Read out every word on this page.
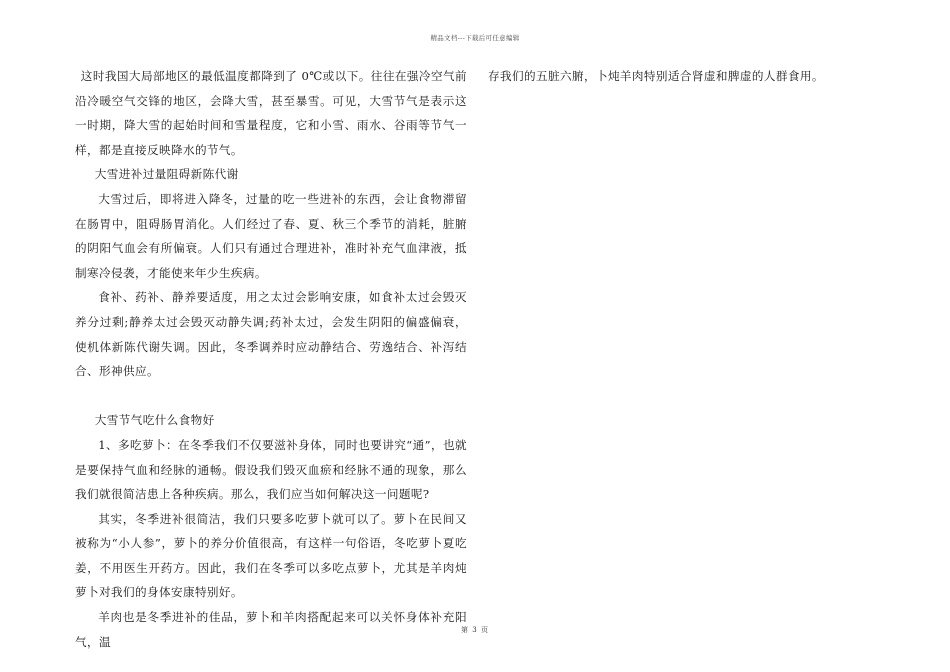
精品文档---下载后可任意编辑

这时我国大局部地区的最低温度都降到了 0℃或以下。往往在强冷空气前沿冷暖空气交锋的地区，会降大雪，甚至暴雪。可见，大雪节气是表示这一时期，降大雪的起始时间和雪量程度，它和小雪、雨水、谷雨等节气一样，都是直接反映降水的节气。

大雪进补过量阻碍新陈代谢

大雪过后，即将进入降冬，过量的吃一些进补的东西，会让食物滞留在肠胃中，阻碍肠胃消化。人们经过了春、夏、秋三个季节的消耗，脏腑的阴阳气血会有所偏衰。人们只有通过合理进补，准时补充气血津液，抵制寒冷侵袭，才能使来年少生疾病。

食补、药补、静养要适度，用之太过会影响安康，如食补太过会毁灭养分过剩;静养太过会毁灭动静失调;药补太过，会发生阴阳的偏盛偏衰，使机体新陈代谢失调。因此，冬季调养时应动静结合、劳逸结合、补泻结合、形神供应。

大雪节气吃什么食物好

1、多吃萝卜：在冬季我们不仅要滋补身体，同时也要讲究“通”，也就是要保持气血和经脉的通畅。假设我们毁灭血瘀和经脉不通的现象，那么我们就很简洁患上各种疾病。那么，我们应当如何解决这一问题呢?

其实，冬季进补很简洁，我们只要多吃萝卜就可以了。萝卜在民间又被称为“小人参”，萝卜的养分价值很高，有这样一句俗语，冬吃萝卜夏吃姜，不用医生开药方。因此，我们在冬季可以多吃点萝卜，尤其是羊肉炖萝卜对我们的身体安康特别好。

羊肉也是冬季进补的佳品，萝卜和羊肉搭配起来可以关怀身体补充阳气，温

存我们的五脏六腑，卜炖羊肉特别适合肾虚和脾虚的人群食用。

第 3 页
